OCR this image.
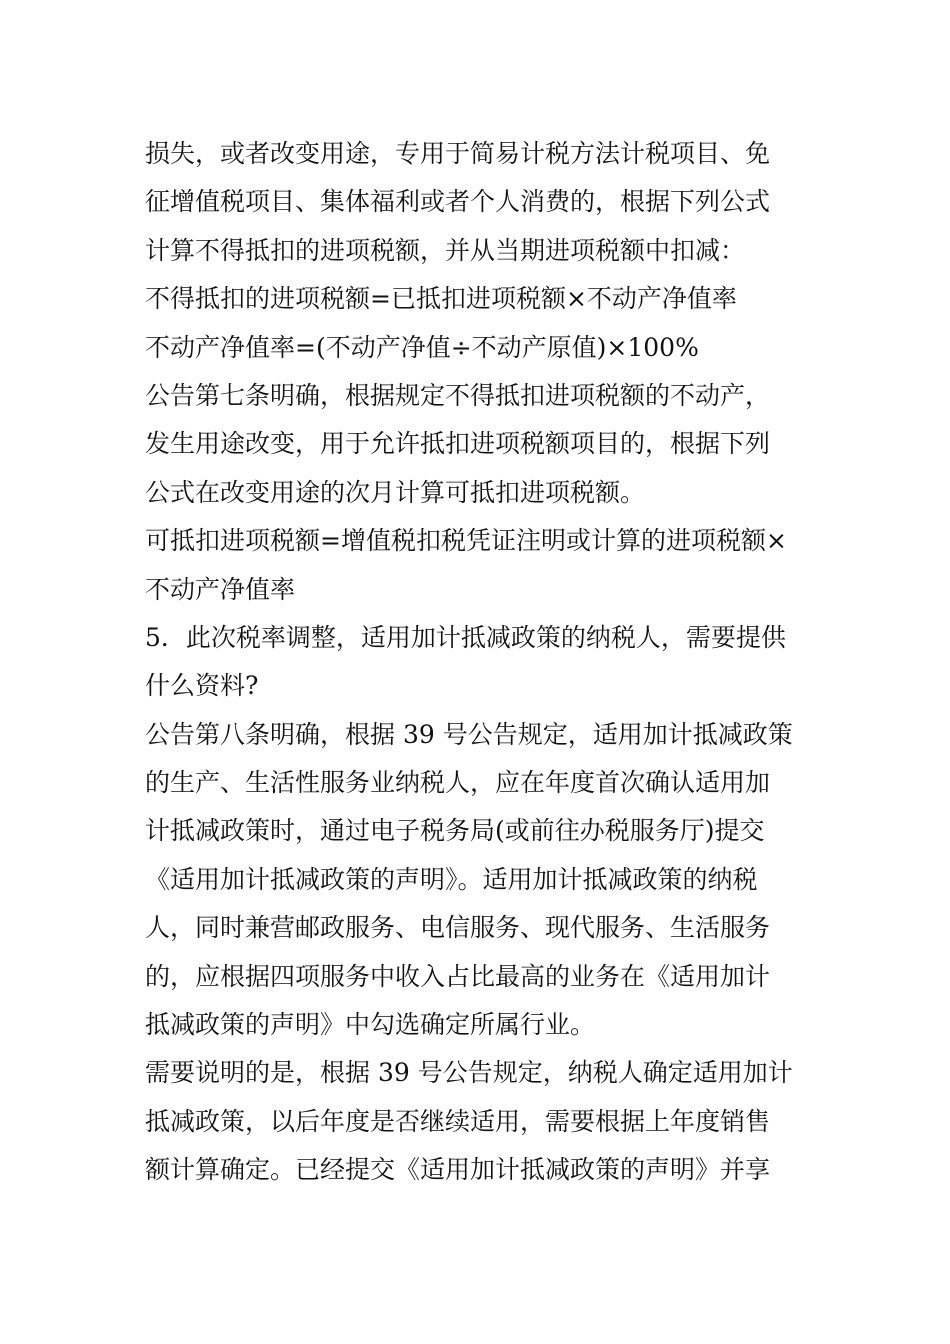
损失，或者改变用途，专用于简易计税方法计税项目、免
征增值税项目、集体福利或者个人消费的，根据下列公式
计算不得抵扣的进项税额，并从当期进项税额中扣减：
不得抵扣的进项税额=已抵扣进项税额×不动产净值率
不动产净值率=(不动产净值÷不动产原值)×100%
公告第七条明确，根据规定不得抵扣进项税额的不动产，
发生用途改变，用于允许抵扣进项税额项目的，根据下列
公式在改变用途的次月计算可抵扣进项税额。
可抵扣进项税额=增值税扣税凭证注明或计算的进项税额×
不动产净值率
5．此次税率调整，适用加计抵减政策的纳税人，需要提供
什么资料?
公告第八条明确，根据 39 号公告规定，适用加计抵减政策
的生产、生活性服务业纳税人，应在年度首次确认适用加
计抵减政策时，通过电子税务局(或前往办税服务厅)提交
《适用加计抵减政策的声明》。适用加计抵减政策的纳税
人，同时兼营邮政服务、电信服务、现代服务、生活服务
的，应根据四项服务中收入占比最高的业务在《适用加计
抵减政策的声明》中勾选确定所属行业。
需要说明的是，根据 39 号公告规定，纳税人确定适用加计
抵减政策，以后年度是否继续适用，需要根据上年度销售
额计算确定。已经提交《适用加计抵减政策的声明》并享
